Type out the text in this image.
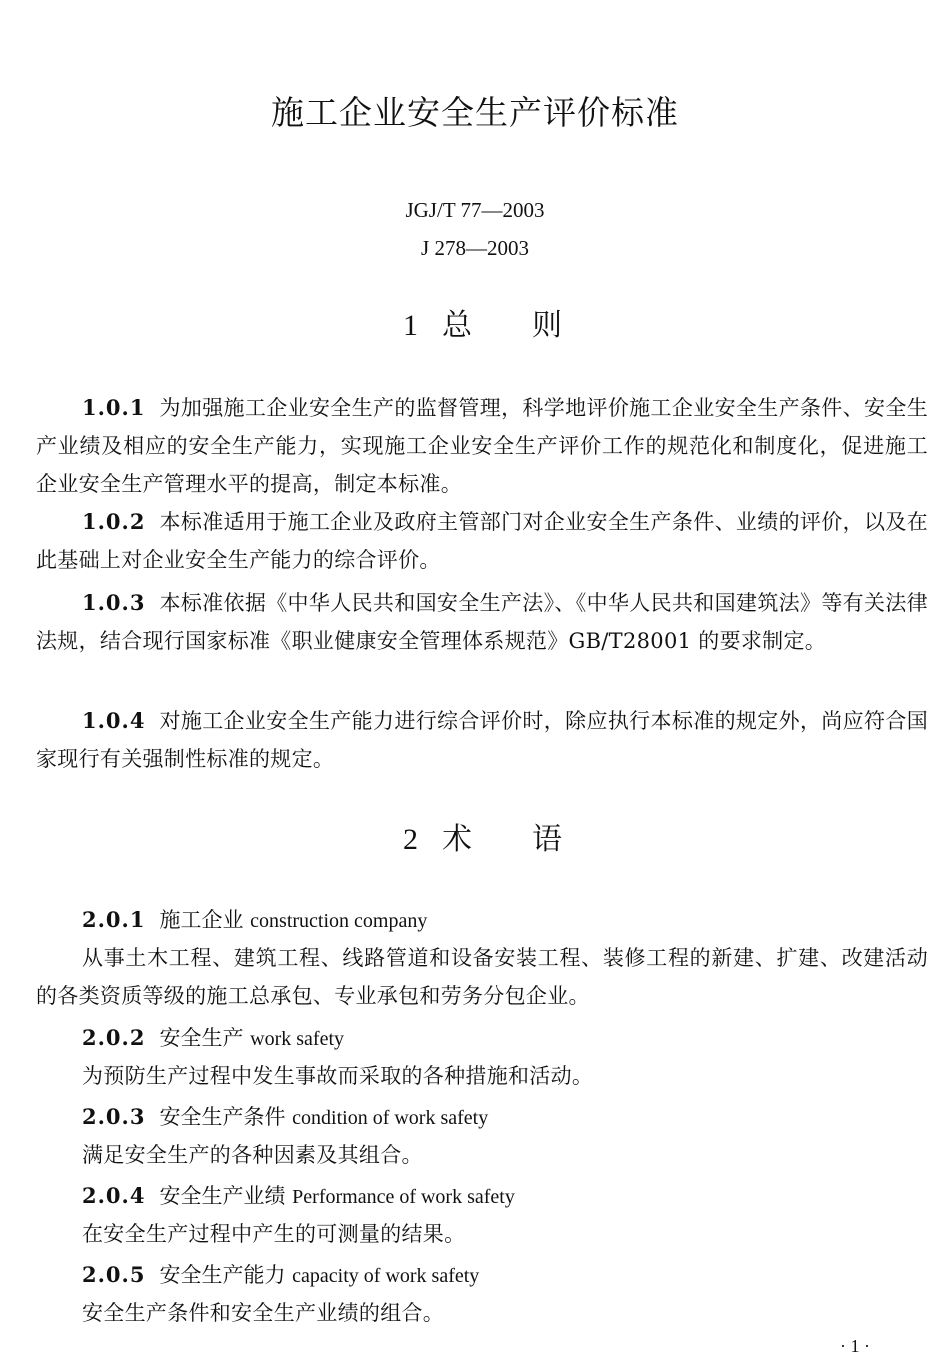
施工企业安全生产评价标准
JGJ/T 77—2003
J 278—2003
1 总 则
1.0.1 为加强施工企业安全生产的监督管理，科学地评价施工企业安全生产条件、安全生产业绩及相应的安全生产能力，实现施工企业安全生产评价工作的规范化和制度化，促进施工企业安全生产管理水平的提高，制定本标准。
1.0.2 本标准适用于施工企业及政府主管部门对企业安全生产条件、业绩的评价，以及在此基础上对企业安全生产能力的综合评价。
1.0.3 本标准依据《中华人民共和国安全生产法》、《中华人民共和国建筑法》等有关法律法规，结合现行国家标准《职业健康安全管理体系规范》GB/T28001 的要求制定。
1.0.4 对施工企业安全生产能力进行综合评价时，除应执行本标准的规定外，尚应符合国家现行有关强制性标准的规定。
2 术 语
2.0.1 施工企业 construction company
从事土木工程、建筑工程、线路管道和设备安装工程、装修工程的新建、扩建、改建活动的各类资质等级的施工总承包、专业承包和劳务分包企业。
2.0.2 安全生产 work safety
为预防生产过程中发生事故而采取的各种措施和活动。
2.0.3 安全生产条件 condition of work safety
满足安全生产的各种因素及其组合。
2.0.4 安全生产业绩 Performance of work safety
在安全生产过程中产生的可测量的结果。
2.0.5 安全生产能力 capacity of work safety
安全生产条件和安全生产业绩的组合。
· 1 ·
